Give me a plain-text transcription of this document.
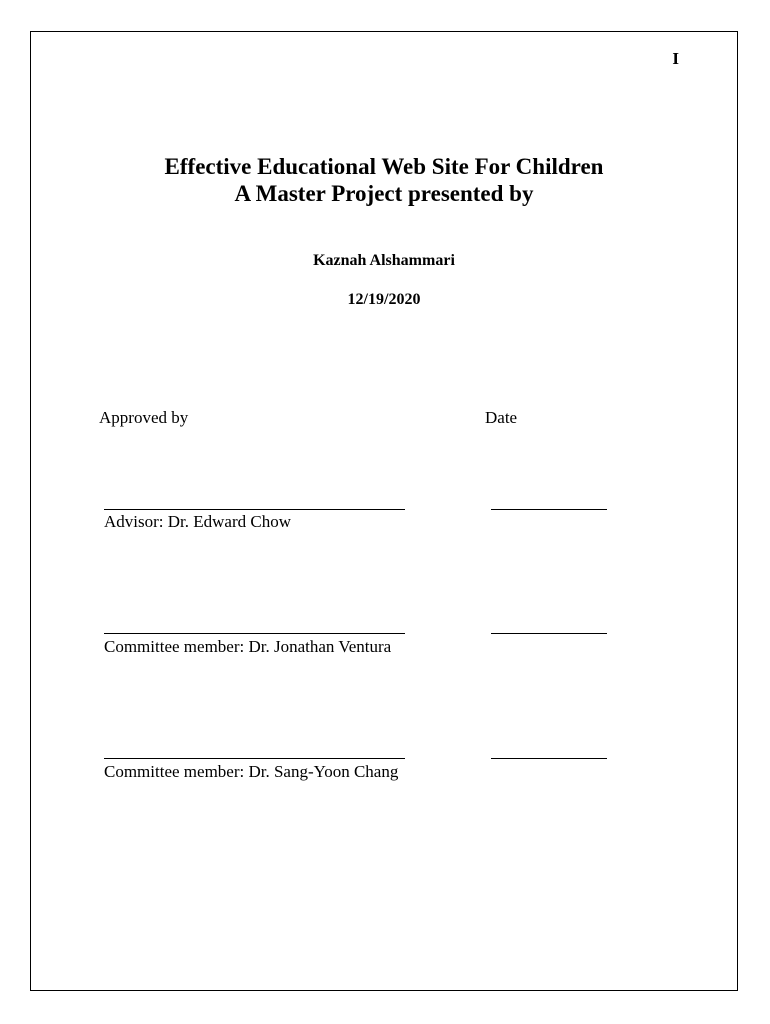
I
Effective Educational Web Site For Children
A Master Project presented by
Kaznah Alshammari
12/19/2020
Approved by	Date
Advisor: Dr. Edward Chow
Committee member: Dr. Jonathan Ventura
Committee member: Dr. Sang-Yoon Chang
